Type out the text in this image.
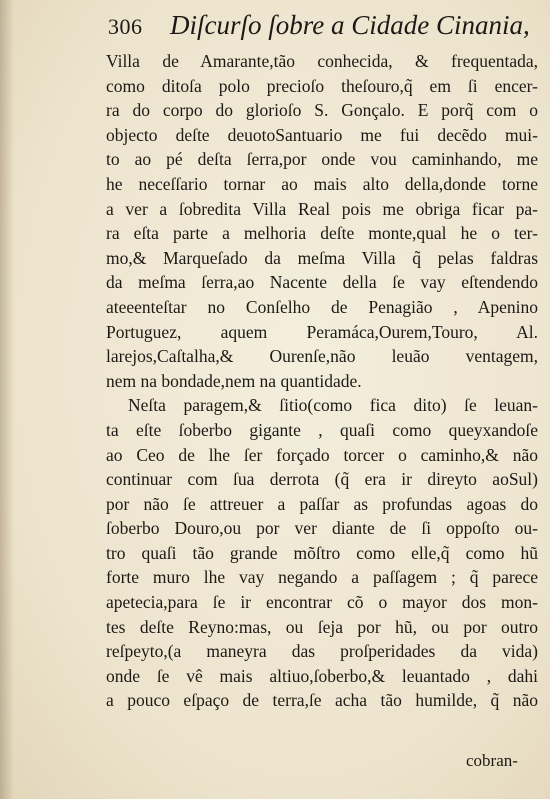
306 Diſcurſo ſobre a Cidade Cinania,
Villa de Amarante,tão conhecida, & frequentada,
como ditoſa polo precioſo theſouro,q̃ em ſi encer-
ra do corpo do glorioſo S. Gonçalo. E porq̃ com o
objecto deſte deuotoSantuario me fui decẽdo mui-
to ao pé deſta ſerra,por onde vou caminhando, me
he neceſſario tornar ao mais alto della,donde torne
a ver a ſobredita Villa Real pois me obriga ficar pa-
ra eſta parte a melhoria deſte monte,qual he o ter-
mo,& Marqueſado da meſma Villa q̃ pelas faldras
da meſma ſerra,ao Nacente della ſe vay eſtendendo
ateeenteſtar no Conſelho de Penagião , Apenino
Portuguez, aquem Peramáca,Ourem,Touro, Al.
larejos,Caſtalha,& Ourenſe,não leuão ventagem,
nem na bondade,nem na quantidade.
Neſta paragem,& ſitio(como fica dito) ſe leuan-
ta eſte ſoberbo gigante , quaſi como queyxandoſe
ao Ceo de lhe ſer forçado torcer o caminho,& não
continuar com ſua derrota (q̃ era ir direyto aoSul)
por não ſe attreuer a paſſar as profundas agoas do
ſoberbo Douro,ou por ver diante de ſi oppoſto ou-
tro quaſi tão grande mõſtro como elle,q̃ como hũ
forte muro lhe vay negando a paſſagem ; q̃ parece
apetecia,para ſe ir encontrar cõ o mayor dos mon-
tes deſte Reyno:mas, ou ſeja por hũ, ou por outro
reſpeyto,(a maneyra das proſperidades da vida)
onde ſe vê mais altiuo,ſoberbo,& leuantado , dahi
a pouco eſpaço de terra,ſe acha tão humilde, q̃ não
cobran-
